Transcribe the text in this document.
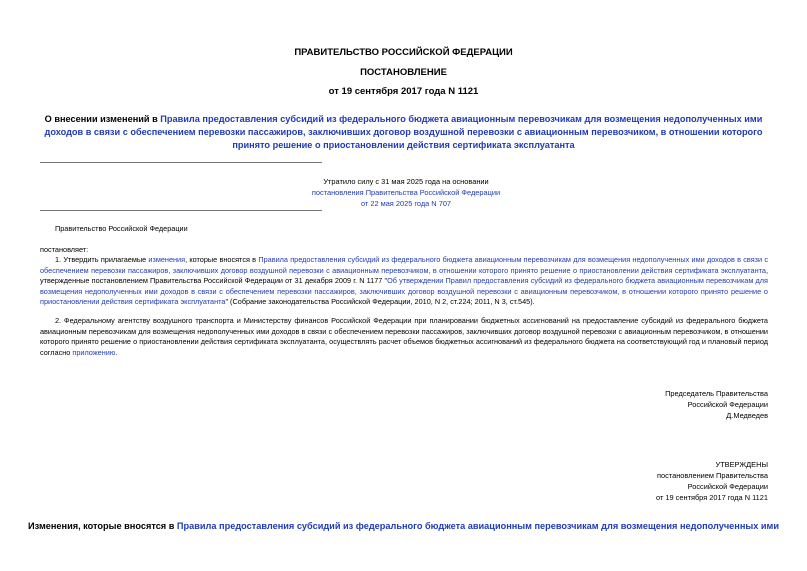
ПРАВИТЕЛЬСТВО РОССИЙСКОЙ ФЕДЕРАЦИИ
ПОСТАНОВЛЕНИЕ
от 19 сентября 2017 года N 1121
О внесении изменений в Правила предоставления субсидий из федерального бюджета авиационным перевозчикам для возмещения недополученных ими доходов в связи с обеспечением перевозки пассажиров, заключивших договор воздушной перевозки с авиационным перевозчиком, в отношении которого принято решение о приостановлении действия сертификата эксплуатанта
Утратило силу с 31 мая 2025 года на основании
постановления Правительства Российской Федерации
от 22 мая 2025 года N 707
Правительство Российской Федерации
постановляет:
1. Утвердить прилагаемые изменения, которые вносятся в Правила предоставления субсидий из федерального бюджета авиационным перевозчикам для возмещения недополученных ими доходов в связи с обеспечением перевозки пассажиров, заключивших договор воздушной перевозки с авиационным перевозчиком, в отношении которого принято решение о приостановлении действия сертификата эксплуатанта, утвержденные постановлением Правительства Российской Федерации от 31 декабря 2009 г. N 1177 "Об утверждении Правил предоставления субсидий из федерального бюджета авиационным перевозчикам для возмещения недополученных ими доходов в связи с обеспечением перевозки пассажиров, заключивших договор воздушной перевозки с авиационным перевозчиком, в отношении которого принято решение о приостановлении действия сертификата эксплуатанта" (Собрание законодательства Российской Федерации, 2010, N 2, ст.224; 2011, N 3, ст.545).
2. Федеральному агентству воздушного транспорта и Министерству финансов Российской Федерации при планировании бюджетных ассигнований на предоставление субсидий из федерального бюджета авиационным перевозчикам для возмещения недополученных ими доходов в связи с обеспечением перевозки пассажиров, заключивших договор воздушной перевозки с авиационным перевозчиком, в отношении которого принято решение о приостановлении действия сертификата эксплуатанта, осуществлять расчет объемов бюджетных ассигнований из федерального бюджета на соответствующий год и плановый период согласно приложению.
Председатель Правительства
Российской Федерации
Д.Медведев
УТВЕРЖДЕНЫ
постановлением Правительства
Российской Федерации
от 19 сентября 2017 года N 1121
Изменения, которые вносятся в Правила предоставления субсидий из федерального бюджета авиационным перевозчикам для возмещения недополученных ими
